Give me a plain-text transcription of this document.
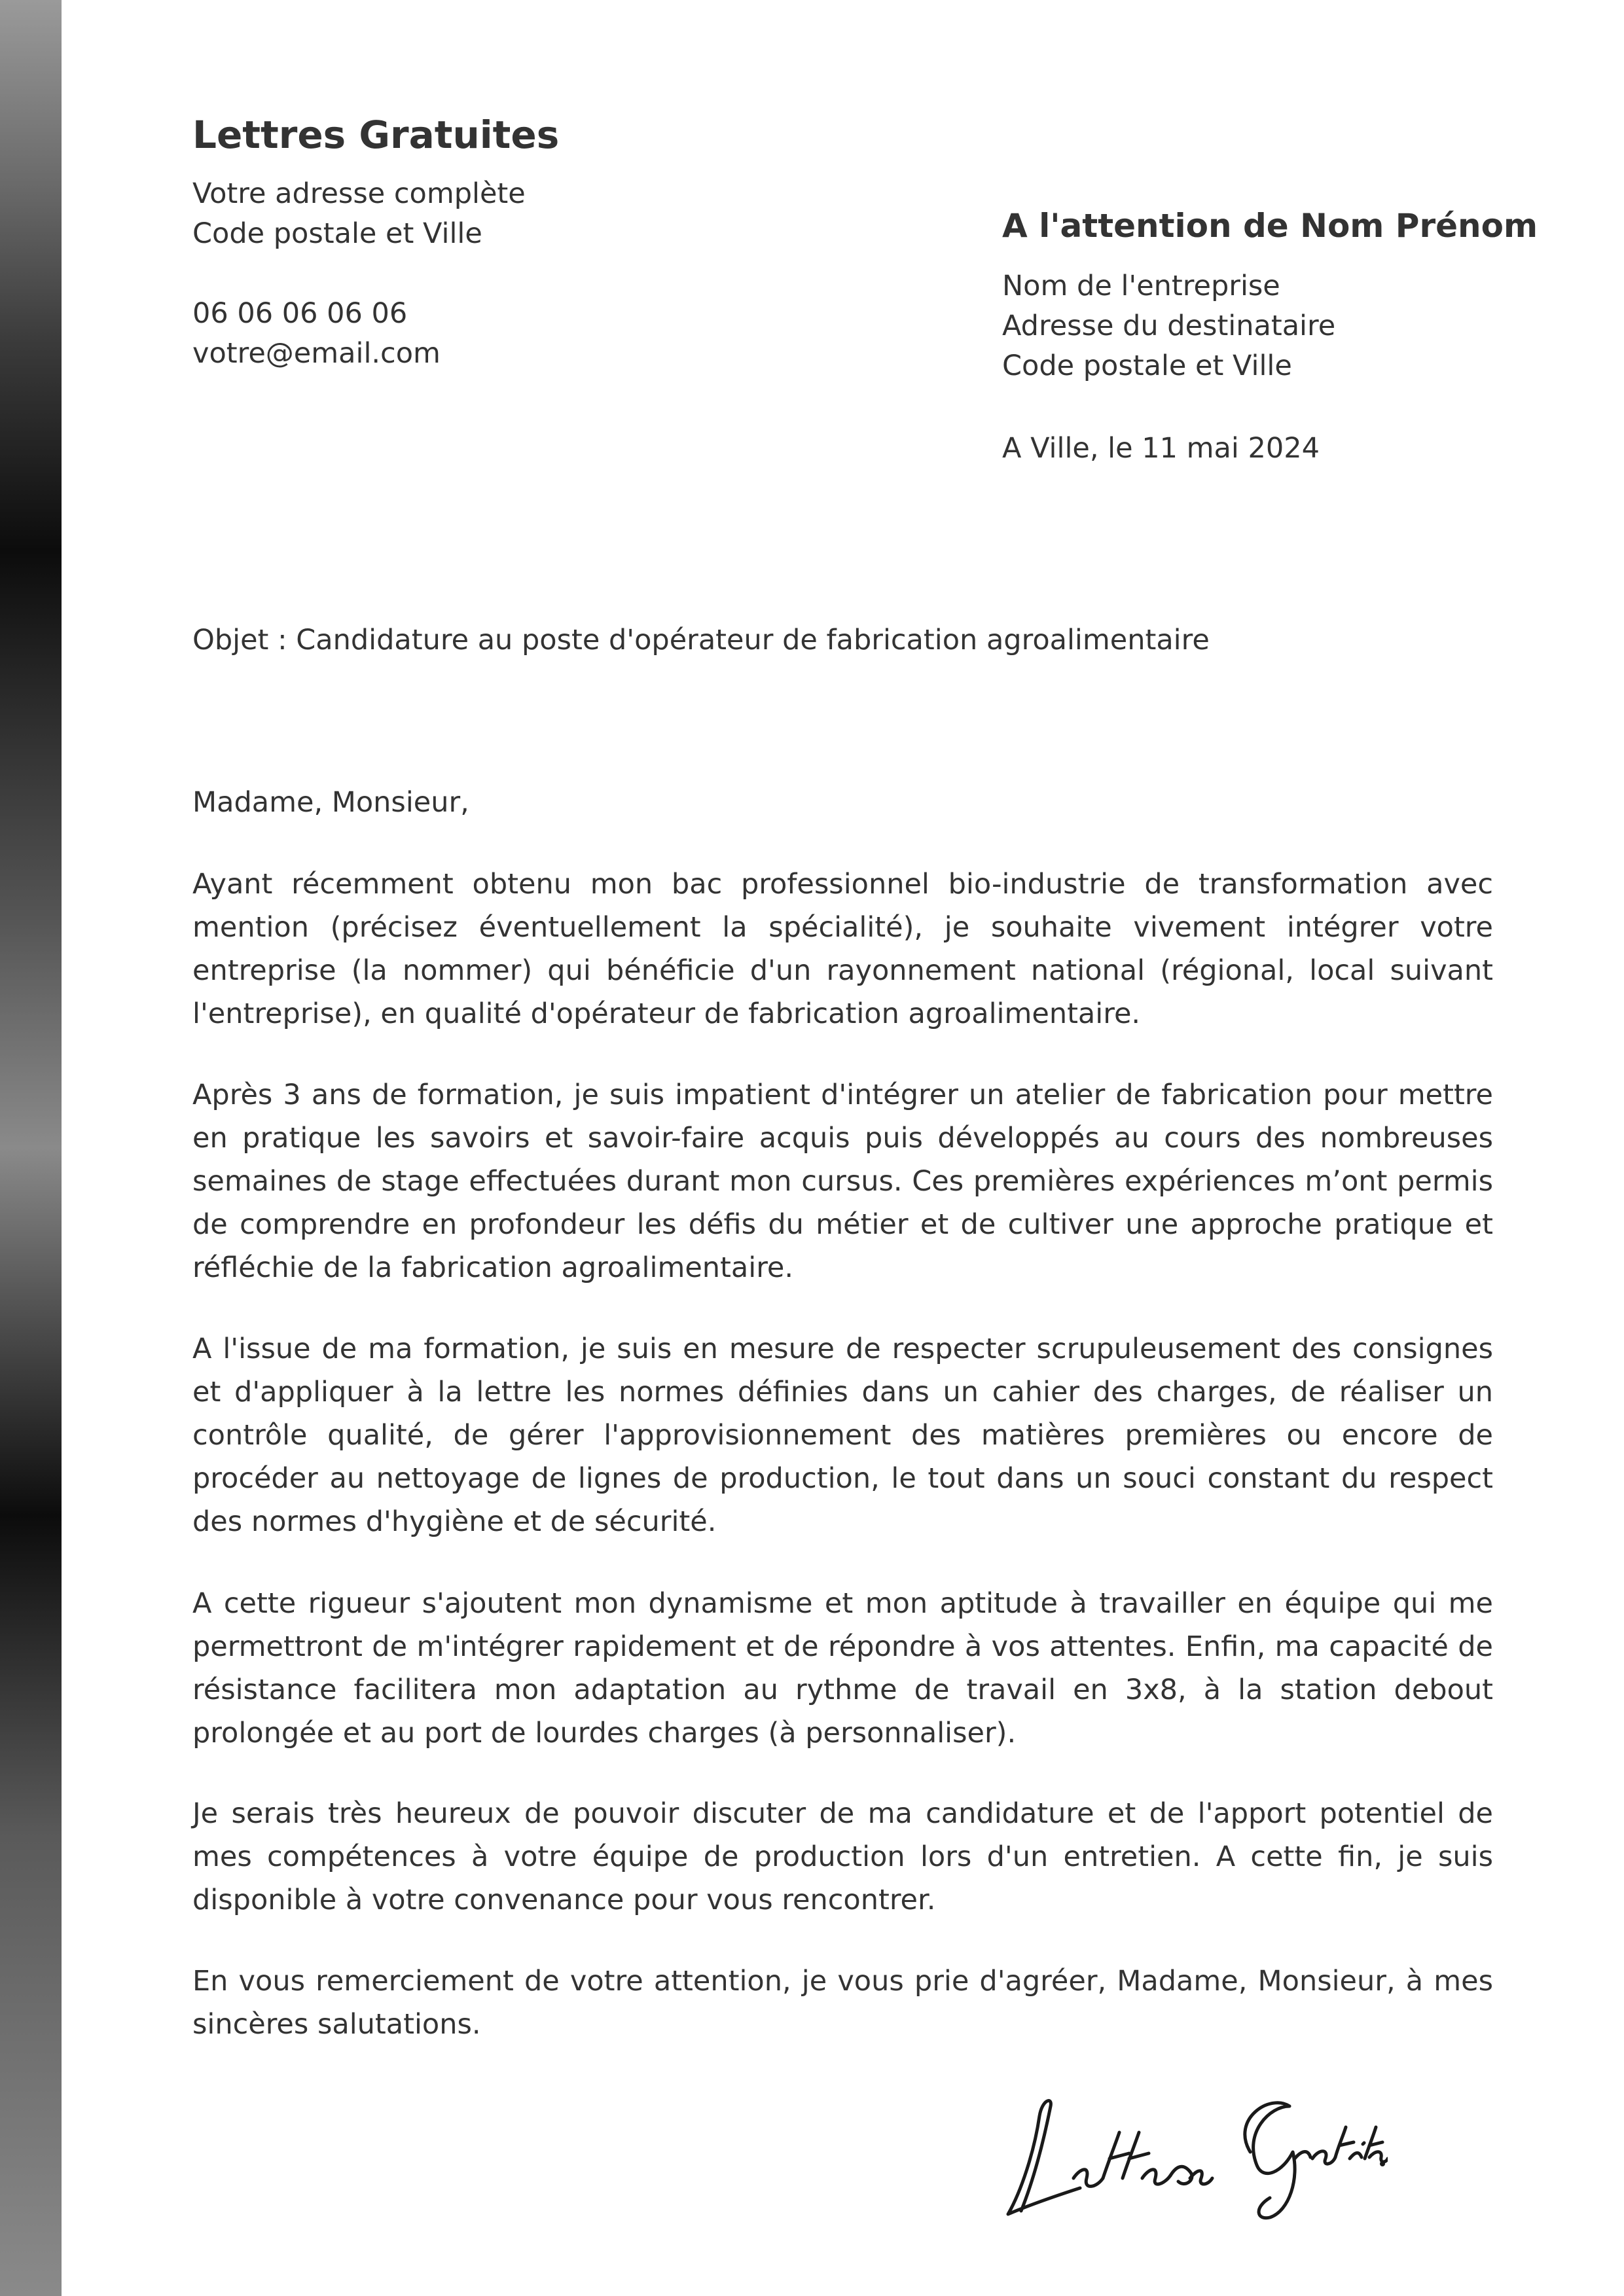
Lettres Gratuites
Votre adresse complète
Code postale et Ville
06 06 06 06 06
votre@email.com
A l'attention de Nom Prénom
Nom de l'entreprise
Adresse du destinataire
Code postale et Ville
A Ville, le 11 mai 2024
Objet : Candidature au poste d'opérateur de fabrication agroalimentaire
Madame, Monsieur,

Ayant récemment obtenu mon bac professionnel bio-industrie de transformation avec mention (précisez éventuellement la spécialité), je souhaite vivement intégrer votre entreprise (la nommer) qui bénéficie d'un rayonnement national (régional, local suivant l'entreprise), en qualité d'opérateur de fabrication agroalimentaire.

Après 3 ans de formation, je suis impatient d'intégrer un atelier de fabrication pour mettre en pratique les savoirs et savoir-faire acquis puis développés au cours des nombreuses semaines de stage effectuées durant mon cursus. Ces premières expériences m’ont permis de comprendre en profondeur les défis du métier et de cultiver une approche pratique et réfléchie de la fabrication agroalimentaire.

A l'issue de ma formation, je suis en mesure de respecter scrupuleusement des consignes et d'appliquer à la lettre les normes définies dans un cahier des charges, de réaliser un contrôle qualité, de gérer l'approvisionnement des matières premières ou encore de procéder au nettoyage de lignes de production, le tout dans un souci constant du respect des normes d'hygiène et de sécurité.

A cette rigueur s'ajoutent mon dynamisme et mon aptitude à travailler en équipe qui me permettront de m'intégrer rapidement et de répondre à vos attentes. Enfin, ma capacité de résistance facilitera mon adaptation au rythme de travail en 3x8, à la station debout prolongée et au port de lourdes charges (à personnaliser).

Je serais très heureux de pouvoir discuter de ma candidature et de l'apport potentiel de mes compétences à votre équipe de production lors d'un entretien. A cette fin, je suis disponible à votre convenance pour vous rencontrer.

En vous remerciement de votre attention, je vous prie d'agréer, Madame, Monsieur, à mes sincères salutations.

Lettres Gratuites.
